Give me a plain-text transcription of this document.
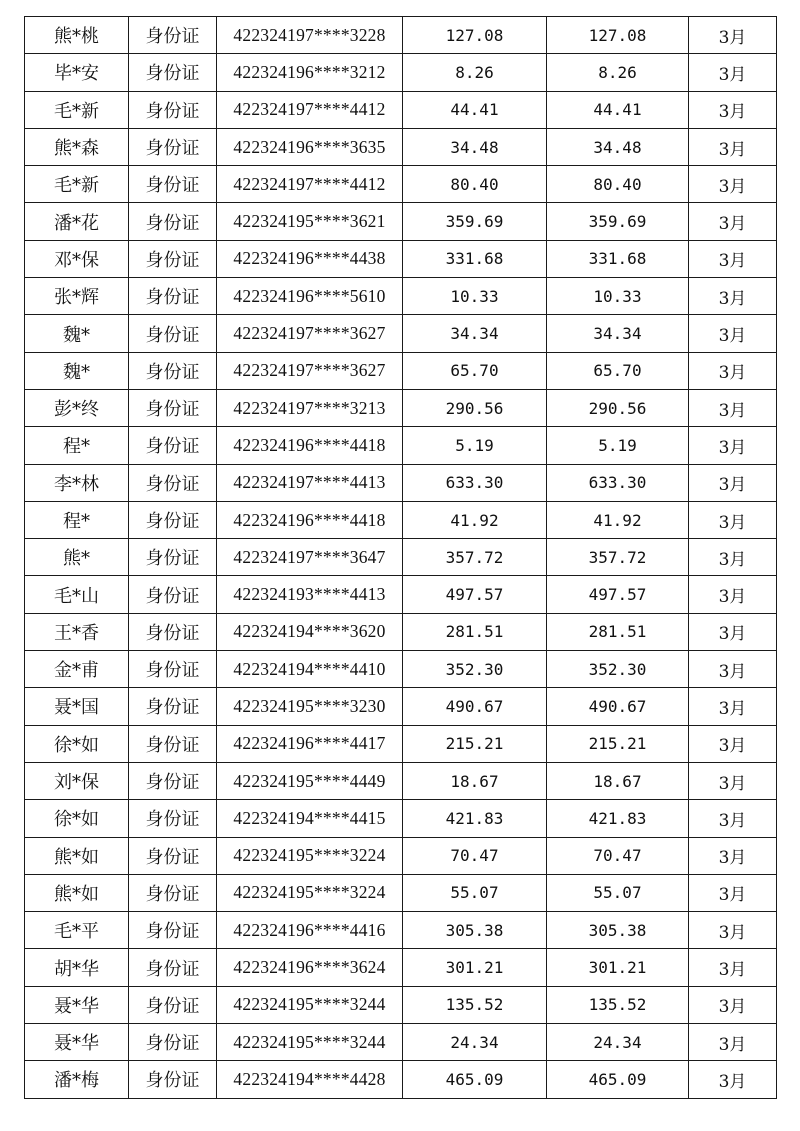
熊*桃	身份证	422324197****3228	127.08	127.08	3月
毕*安	身份证	422324196****3212	8.26	8.26	3月
毛*新	身份证	422324197****4412	44.41	44.41	3月
熊*森	身份证	422324196****3635	34.48	34.48	3月
毛*新	身份证	422324197****4412	80.40	80.40	3月
潘*花	身份证	422324195****3621	359.69	359.69	3月
邓*保	身份证	422324196****4438	331.68	331.68	3月
张*辉	身份证	422324196****5610	10.33	10.33	3月
魏*	身份证	422324197****3627	34.34	34.34	3月
魏*	身份证	422324197****3627	65.70	65.70	3月
彭*终	身份证	422324197****3213	290.56	290.56	3月
程*	身份证	422324196****4418	5.19	5.19	3月
李*林	身份证	422324197****4413	633.30	633.30	3月
程*	身份证	422324196****4418	41.92	41.92	3月
熊*	身份证	422324197****3647	357.72	357.72	3月
毛*山	身份证	422324193****4413	497.57	497.57	3月
王*香	身份证	422324194****3620	281.51	281.51	3月
金*甫	身份证	422324194****4410	352.30	352.30	3月
聂*国	身份证	422324195****3230	490.67	490.67	3月
徐*如	身份证	422324196****4417	215.21	215.21	3月
刘*保	身份证	422324195****4449	18.67	18.67	3月
徐*如	身份证	422324194****4415	421.83	421.83	3月
熊*如	身份证	422324195****3224	70.47	70.47	3月
熊*如	身份证	422324195****3224	55.07	55.07	3月
毛*平	身份证	422324196****4416	305.38	305.38	3月
胡*华	身份证	422324196****3624	301.21	301.21	3月
聂*华	身份证	422324195****3244	135.52	135.52	3月
聂*华	身份证	422324195****3244	24.34	24.34	3月
潘*梅	身份证	422324194****4428	465.09	465.09	3月
